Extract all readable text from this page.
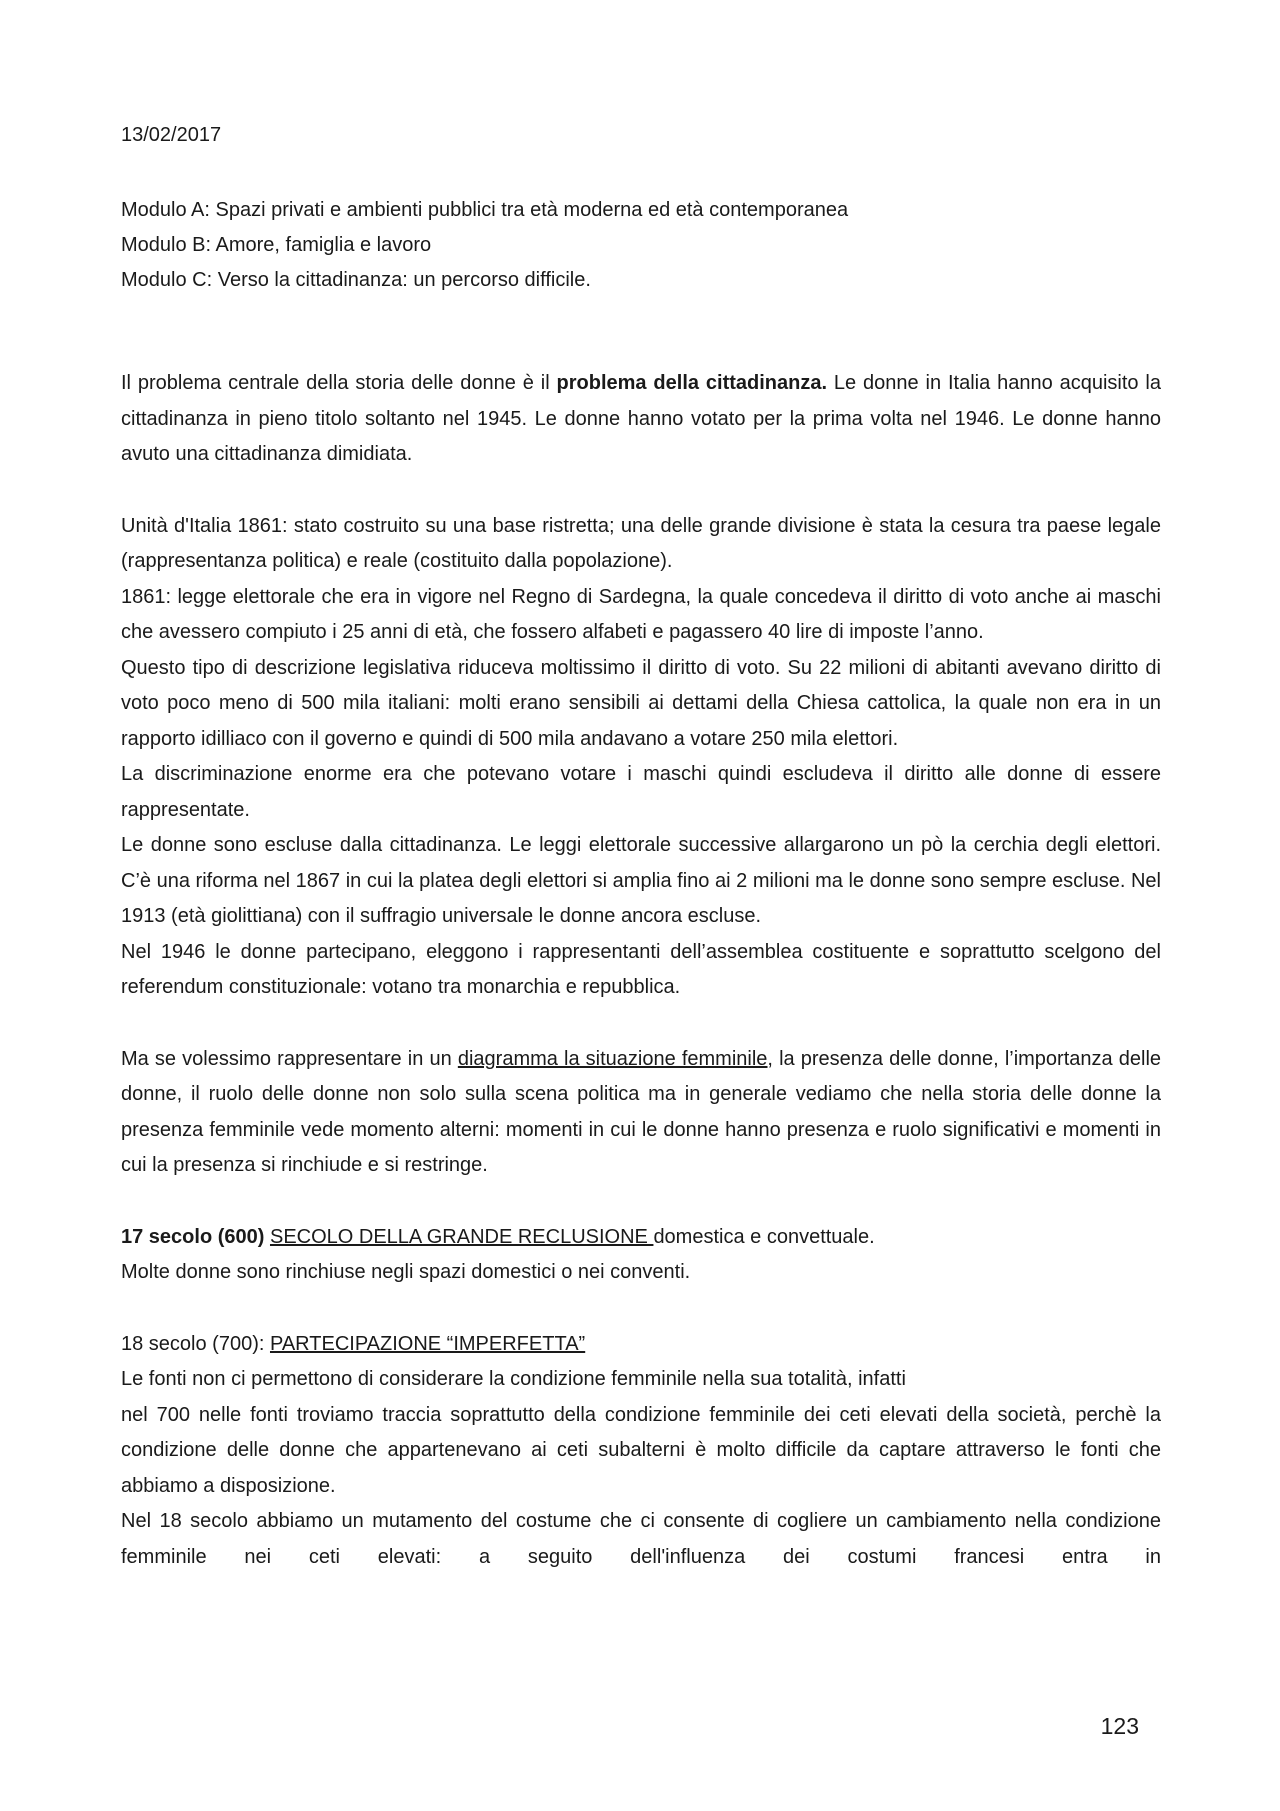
13/02/2017
Modulo A: Spazi privati e ambienti pubblici tra età moderna ed età contemporanea
Modulo B: Amore, famiglia e lavoro
Modulo C: Verso la cittadinanza: un percorso difficile.

Il problema centrale della storia delle donne è il problema della cittadinanza. Le donne in Italia hanno acquisito la cittadinanza in pieno titolo soltanto nel 1945. Le donne hanno votato per la prima volta nel 1946. Le donne hanno avuto una cittadinanza dimidiata.

Unità d'Italia 1861: stato costruito su una base ristretta; una delle grande divisione è stata la cesura tra paese legale (rappresentanza politica) e reale (costituito dalla popolazione).

1861: legge elettorale che era in vigore nel Regno di Sardegna, la quale concedeva il diritto di voto anche ai maschi che avessero compiuto i 25 anni di età, che fossero alfabeti e pagassero 40 lire di imposte l’anno.

Questo tipo di descrizione legislativa riduceva moltissimo il diritto di voto. Su 22 milioni di abitanti avevano diritto di voto poco meno di 500 mila italiani: molti erano sensibili ai dettami della Chiesa cattolica, la quale non era in un rapporto idilliaco con il governo e quindi di 500 mila andavano a votare 250 mila elettori.

La discriminazione enorme era che potevano votare i maschi quindi escludeva il diritto alle donne di essere rappresentate.

Le donne sono escluse dalla cittadinanza. Le leggi elettorale successive allargarono un pò la cerchia degli elettori. C’è una riforma nel 1867 in cui la platea degli elettori si amplia fino ai 2 milioni ma le donne sono sempre escluse. Nel 1913 (età giolittiana) con il suffragio universale le donne ancora escluse.

Nel 1946 le donne partecipano, eleggono i rappresentanti dell’assemblea costituente e soprattutto scelgono del referendum constituzionale: votano tra monarchia e repubblica.

Ma se volessimo rappresentare in un diagramma la situazione femminile, la presenza delle donne, l’importanza delle donne, il ruolo delle donne non solo sulla scena politica ma in generale vediamo che nella storia delle donne la presenza femminile vede momento alterni: momenti in cui le donne hanno presenza e ruolo significativi e momenti in cui la presenza si rinchiude e si restringe.

17 secolo (600) SECOLO DELLA GRANDE RECLUSIONE domestica e convettuale.

Molte donne sono rinchiuse negli spazi domestici o nei conventi.

18 secolo (700): PARTECIPAZIONE “IMPERFETTA”

Le fonti non ci permettono di considerare la condizione femminile nella sua totalità, infatti

nel 700 nelle fonti troviamo traccia soprattutto della condizione femminile dei ceti elevati della società, perchè la condizione delle donne che appartenevano ai ceti subalterni è molto difficile da captare attraverso le fonti che abbiamo a disposizione.

Nel 18 secolo abbiamo un mutamento del costume che ci consente di cogliere un cambiamento nella condizione femminile nei ceti elevati: a seguito dell'influenza dei costumi francesi entra in

123
